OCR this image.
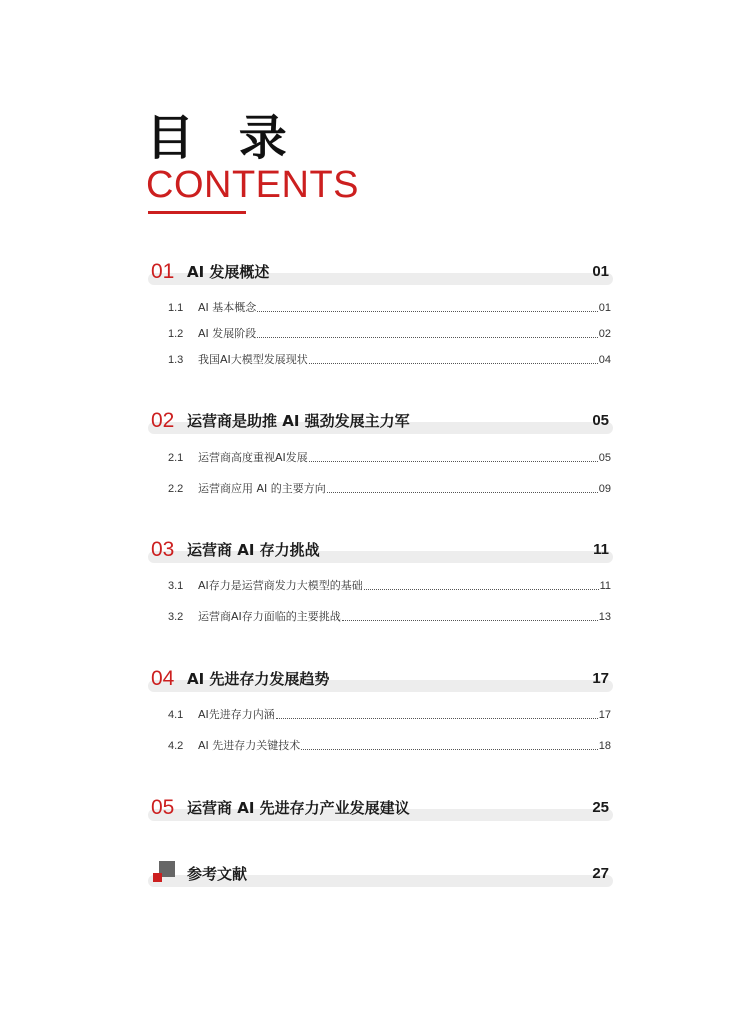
目 录
CONTENTS
01 AI 发展概述	01
1.1	AI 基本概念	01
1.2	AI 发展阶段	02
1.3	我国AI大模型发展现状	04
02 运营商是助推 AI 强劲发展主力军	05
2.1	运营商高度重视AI发展	05
2.2	运营商应用 AI 的主要方向	09
03 运营商 AI 存力挑战	11
3.1	AI存力是运营商发力大模型的基础	11
3.2	运营商AI存力面临的主要挑战	13
04 AI 先进存力发展趋势	17
4.1	AI先进存力内涵	17
4.2	AI 先进存力关键技术	18
05 运营商 AI 先进存力产业发展建议	25
参考文献	27
